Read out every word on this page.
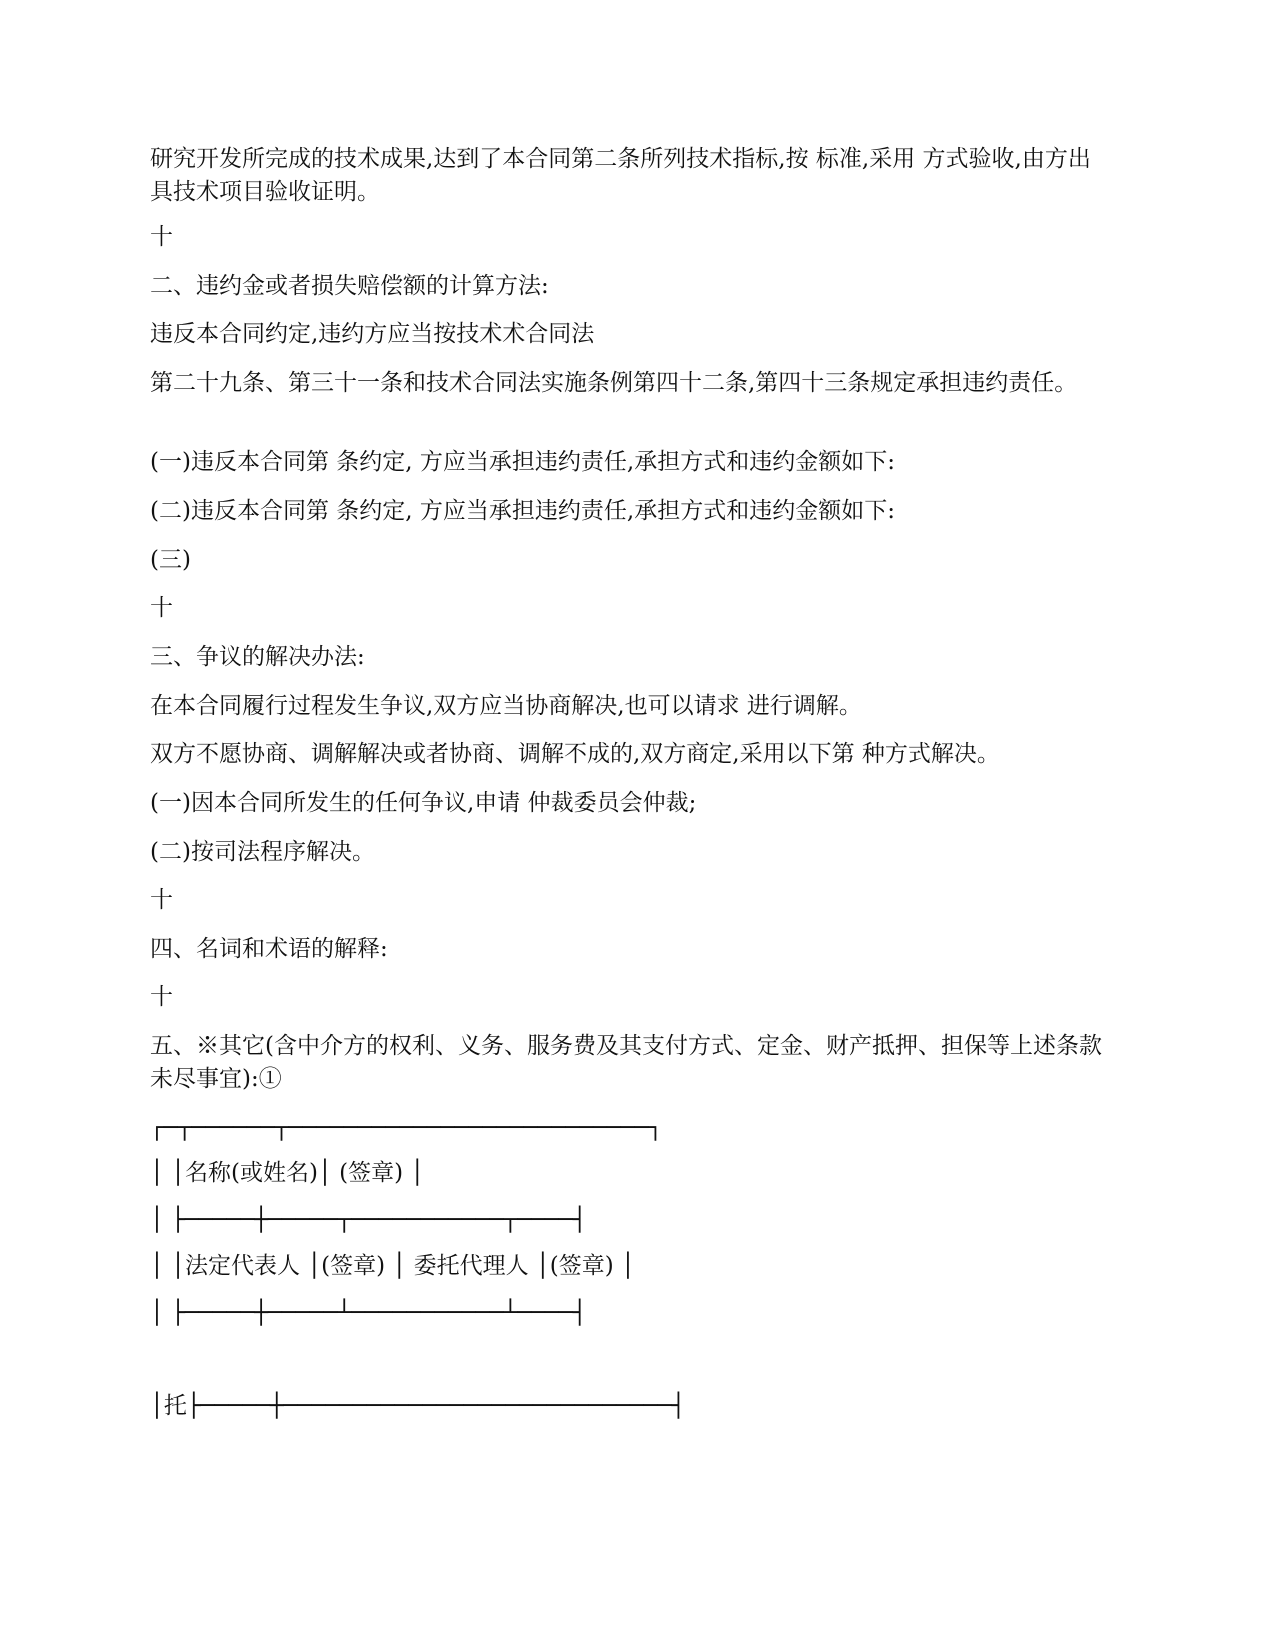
研究开发所完成的技术成果,达到了本合同第二条所列技术指标,按 标准,采用 方式验收,由方出具技术项目验收证明。
十
二、违约金或者损失赔偿额的计算方法:
违反本合同约定,违约方应当按技术术合同法
第二十九条、第三十一条和技术合同法实施条例第四十二条,第四十三条规定承担违约责任。
(一)违反本合同第 条约定, 方应当承担违约责任,承担方式和违约金额如下:
(二)违反本合同第 条约定, 方应当承担违约责任,承担方式和违约金额如下:
(三)
十
三、争议的解决办法:
在本合同履行过程发生争议,双方应当协商解决,也可以请求 进行调解。
双方不愿协商、调解解决或者协商、调解不成的,双方商定,采用以下第 种方式解决。
(一)因本合同所发生的任何争议,申请 仲裁委员会仲裁;
(二)按司法程序解决。
十
四、名词和术语的解释:
十
五、※其它(含中介方的权利、义务、服务费及其支付方式、定金、财产抵押、担保等上述条款未尽事宜):①
┌─┬──────┬──────────────────────────┐
│ │名称(或姓名)│ (签章) │
│ ├─────┼─────┬───────────┬────┤
│ │法定代表人 │(签章) │ 委托代理人 │(签章) │
│ ├─────┼─────┴───────────┴────┤
│托├─────┼────────────────────────────┤
